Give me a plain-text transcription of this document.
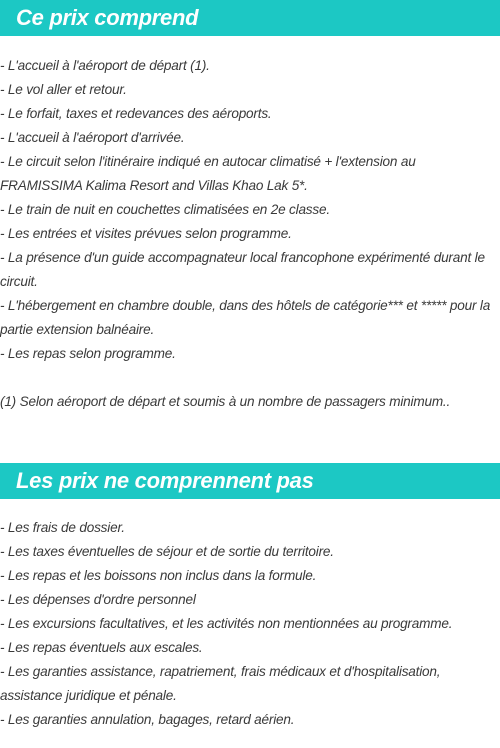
Ce prix comprend
- L'accueil à l'aéroport de départ (1).
- Le vol aller et retour.
- Le forfait, taxes et redevances des aéroports.
- L'accueil à l'aéroport d'arrivée.
- Le circuit selon l'itinéraire indiqué en autocar climatisé + l'extension au FRAMISSIMA Kalima Resort and Villas Khao Lak 5*.
- Le train de nuit en couchettes climatisées en 2e classe.
- Les entrées et visites prévues selon programme.
- La présence d'un guide accompagnateur local francophone expérimenté durant le circuit.
- L'hébergement en chambre double, dans des hôtels de catégorie*** et ***** pour la partie extension balnéaire.
- Les repas selon programme.

(1) Selon aéroport de départ et soumis à un nombre de passagers minimum..

Les prix ne comprennent pas
- Les frais de dossier.
- Les taxes éventuelles de séjour et de sortie du territoire.
- Les repas et les boissons non inclus dans la formule.
- Les dépenses d'ordre personnel
- Les excursions facultatives, et les activités non mentionnées au programme.
- Les repas éventuels aux escales.
- Les garanties assistance, rapatriement, frais médicaux et d'hospitalisation, assistance juridique et pénale.
- Les garanties annulation, bagages, retard aérien.
